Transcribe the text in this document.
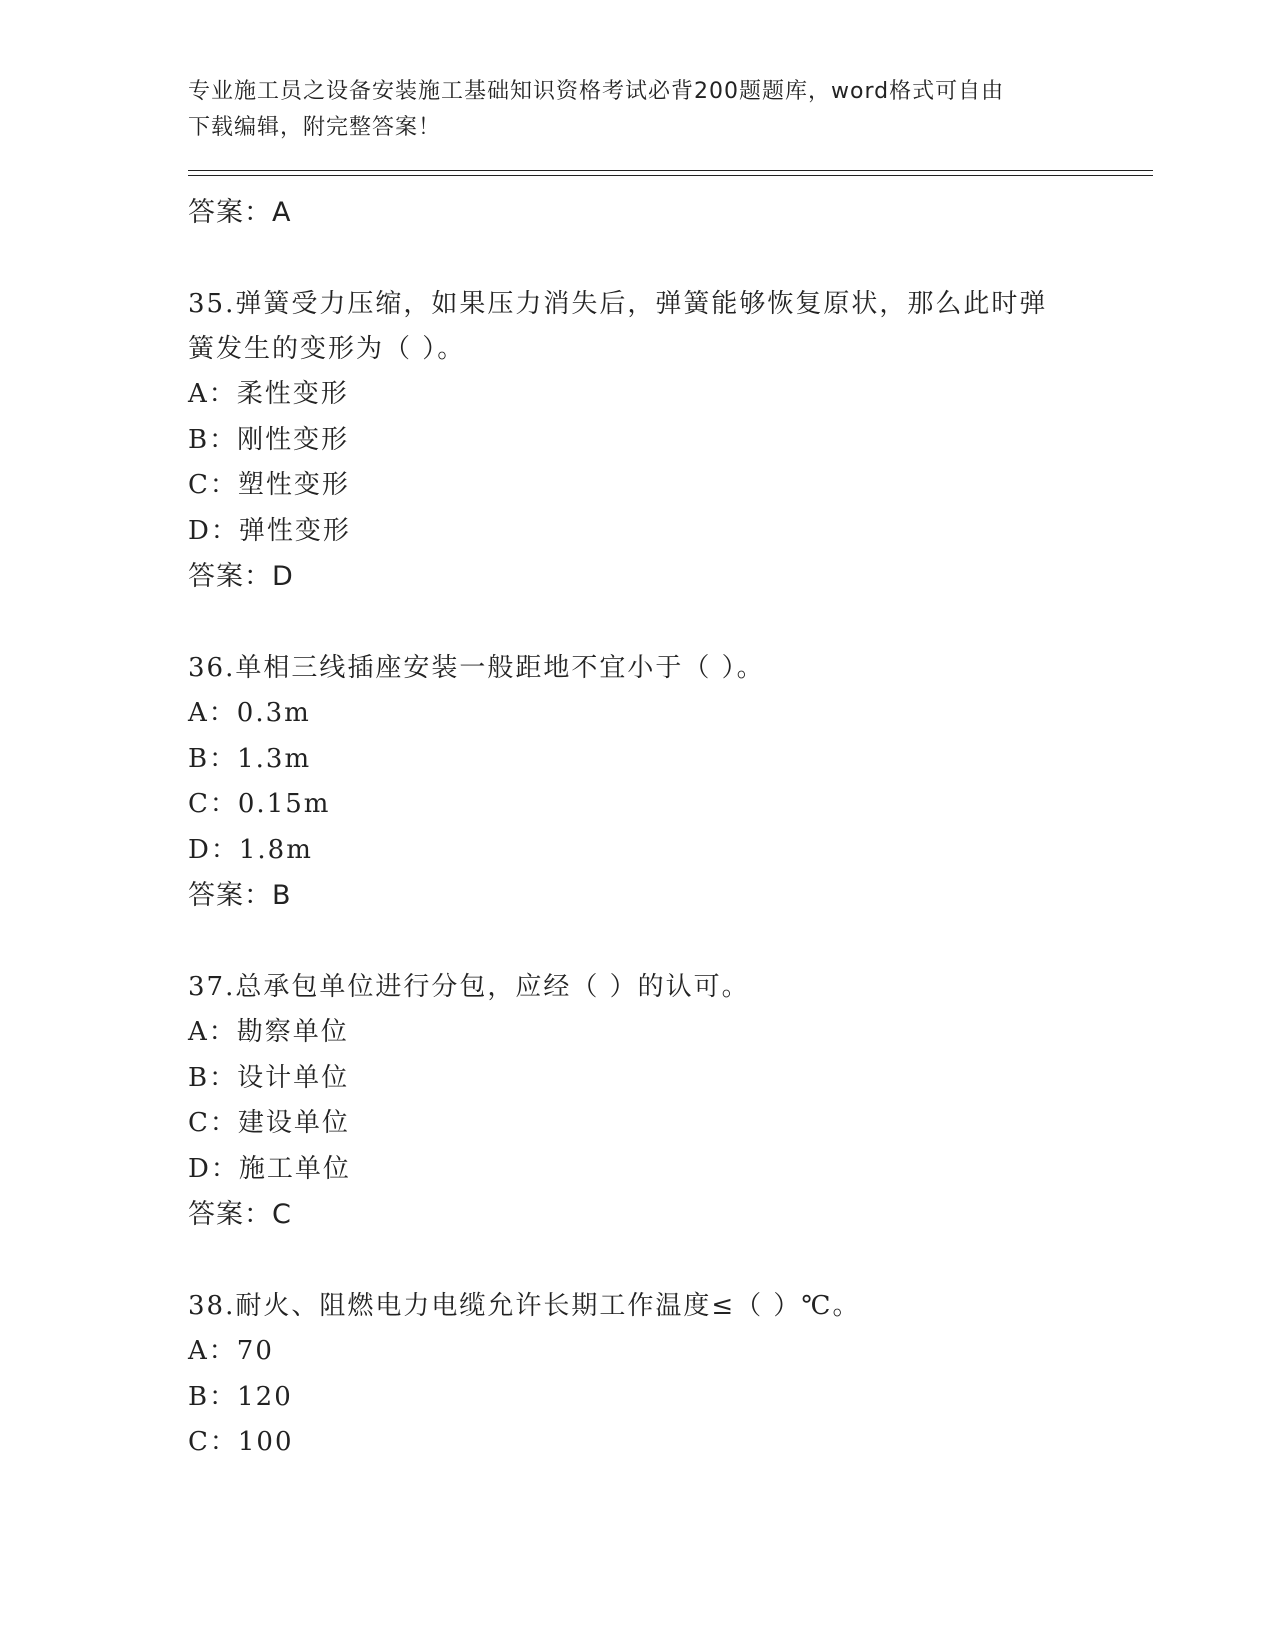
专业施工员之设备安装施工基础知识资格考试必背200题题库，word格式可自由
下载编辑，附完整答案！
答案：A
35.弹簧受力压缩，如果压力消失后，弹簧能够恢复原状，那么此时弹
簧发生的变形为（ ）。
A：柔性变形
B：刚性变形
C：塑性变形
D：弹性变形
答案：D
36.单相三线插座安装一般距地不宜小于（ ）。
A：0.3m
B：1.3m
C：0.15m
D：1.8m
答案：B
37.总承包单位进行分包，应经（ ）的认可。
A：勘察单位
B：设计单位
C：建设单位
D：施工单位
答案：C
38.耐火、阻燃电力电缆允许长期工作温度≤（ ）℃。
A：70
B：120
C：100
